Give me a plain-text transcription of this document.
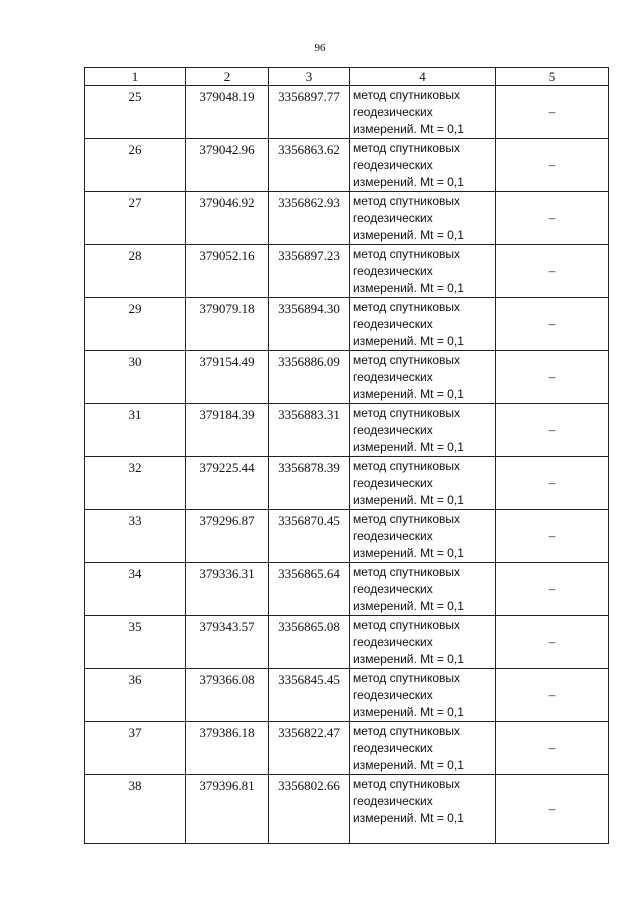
96
1	2	3	4	5
25	379048.19	3356897.77	метод спутниковых
геодезических
измерений. Mt = 0,1	–
26	379042.96	3356863.62	метод спутниковых
геодезических
измерений. Mt = 0,1	–
27	379046.92	3356862.93	метод спутниковых
геодезических
измерений. Mt = 0,1	–
28	379052.16	3356897.23	метод спутниковых
геодезических
измерений. Mt = 0,1	–
29	379079.18	3356894.30	метод спутниковых
геодезических
измерений. Mt = 0,1	–
30	379154.49	3356886.09	метод спутниковых
геодезических
измерений. Mt = 0,1	–
31	379184.39	3356883.31	метод спутниковых
геодезических
измерений. Mt = 0,1	–
32	379225.44	3356878.39	метод спутниковых
геодезических
измерений. Mt = 0,1	–
33	379296.87	3356870.45	метод спутниковых
геодезических
измерений. Mt = 0,1	–
34	379336.31	3356865.64	метод спутниковых
геодезических
измерений. Mt = 0,1	–
35	379343.57	3356865.08	метод спутниковых
геодезических
измерений. Mt = 0,1	–
36	379366.08	3356845.45	метод спутниковых
геодезических
измерений. Mt = 0,1	–
37	379386.18	3356822.47	метод спутниковых
геодезических
измерений. Mt = 0,1	–
38	379396.81	3356802.66	метод спутниковых
геодезических
измерений. Mt = 0,1	–
